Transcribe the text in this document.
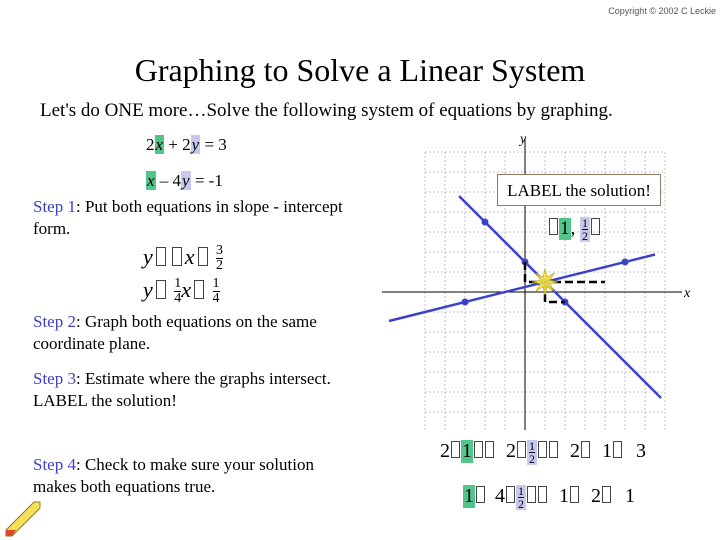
Copyright © 2002 C Leckie
Graphing to Solve a Linear System
Let's do ONE more…Solve the following system of equations by graphing.
2x + 2y = 3
x – 4y = -1
Step 1: Put both equations in slope - intercept form.
y x $\frac{3}{2}$
y $\frac{1}{4}$ x $\frac{1}{4}$
Step 2: Graph both equations on the same coordinate plane.
Step 3: Estimate where the graphs intersect. LABEL the solution!
Step 4: Check to make sure your solution makes both equations true.
x
y
LABEL the solution!
1, $\frac{1}{2}$
2 1 $2 \frac{1}{2} 2$ 1 3
1 $4 \frac{1}{2} 1$ 2 1
